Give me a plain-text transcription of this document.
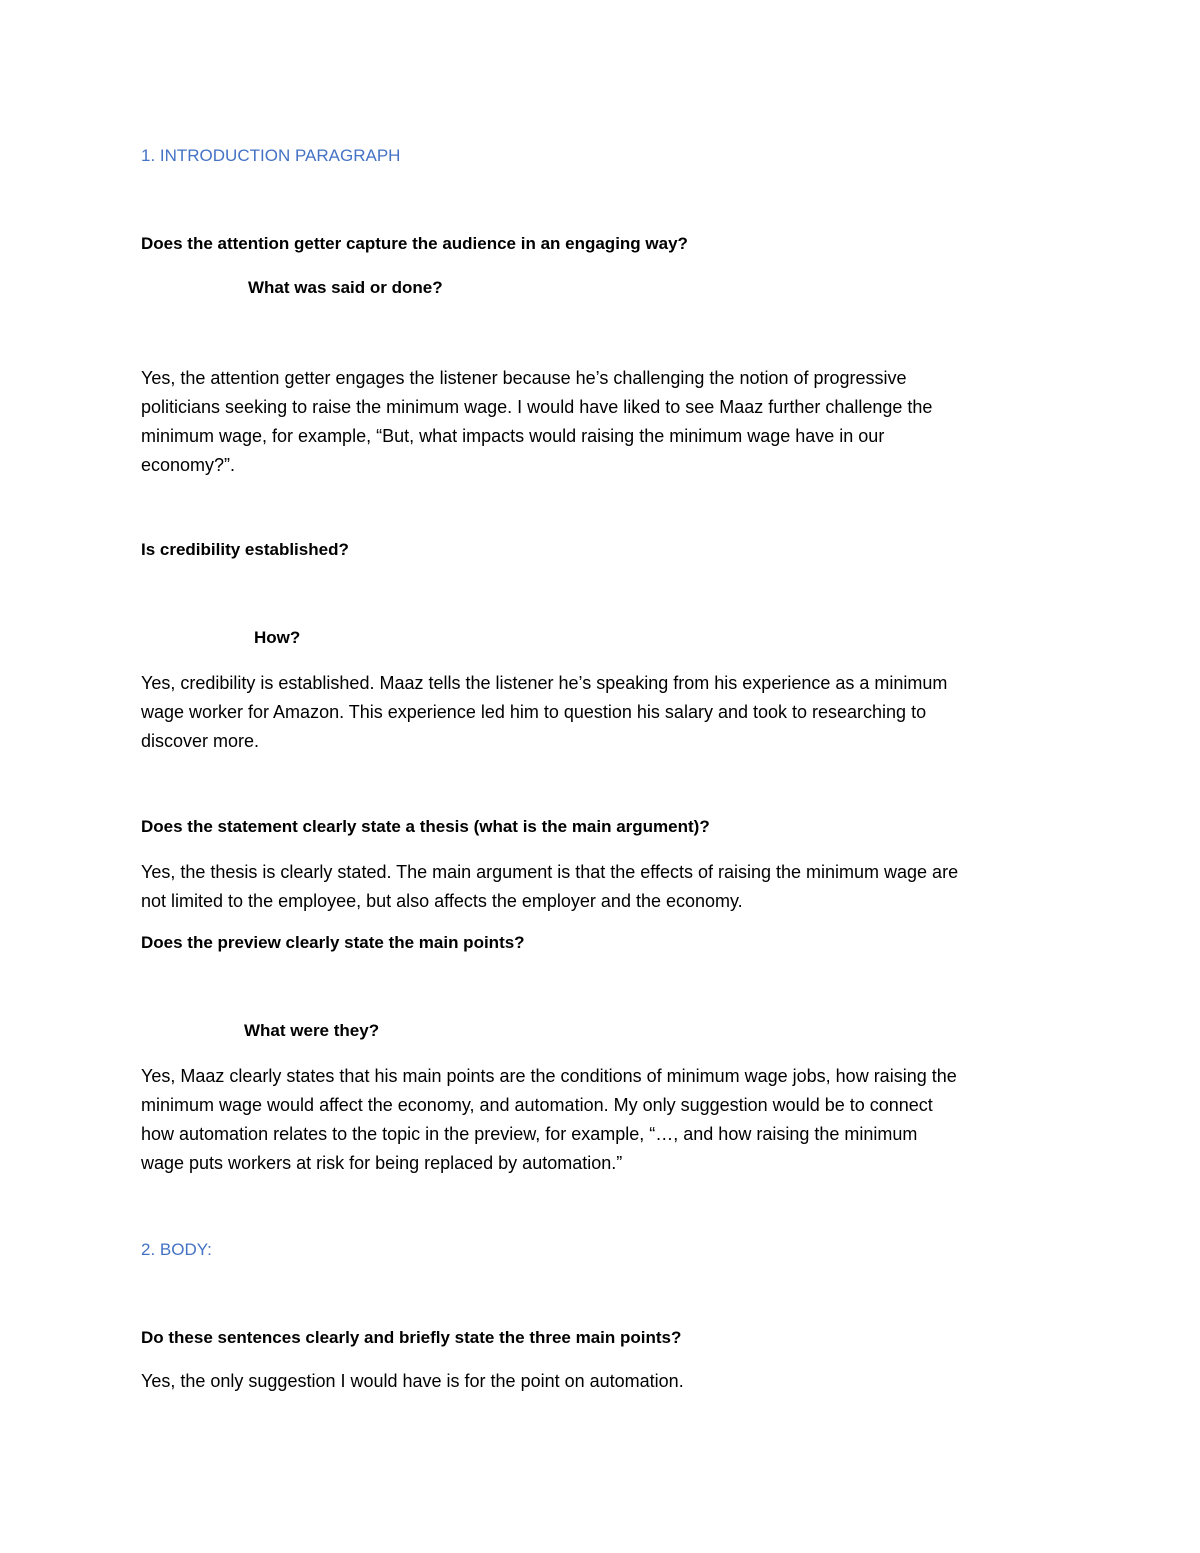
1. INTRODUCTION PARAGRAPH
Does the attention getter capture the audience in an engaging way?
What was said or done?
Yes, the attention getter engages the listener because he’s challenging the notion of progressive
politicians seeking to raise the minimum wage. I would have liked to see Maaz further challenge the
minimum wage, for example, “But, what impacts would raising the minimum wage have in our
economy?”.
Is credibility established?
How?
Yes, credibility is established. Maaz tells the listener he’s speaking from his experience as a minimum
wage worker for Amazon. This experience led him to question his salary and took to researching to
discover more.
Does the statement clearly state a thesis (what is the main argument)?
Yes, the thesis is clearly stated. The main argument is that the effects of raising the minimum wage are
not limited to the employee, but also affects the employer and the economy.
Does the preview clearly state the main points?
What were they?
Yes, Maaz clearly states that his main points are the conditions of minimum wage jobs, how raising the
minimum wage would affect the economy, and automation. My only suggestion would be to connect
how automation relates to the topic in the preview, for example, “…, and how raising the minimum
wage puts workers at risk for being replaced by automation.”
2. BODY:
Do these sentences clearly and briefly state the three main points?
Yes, the only suggestion I would have is for the point on automation.
